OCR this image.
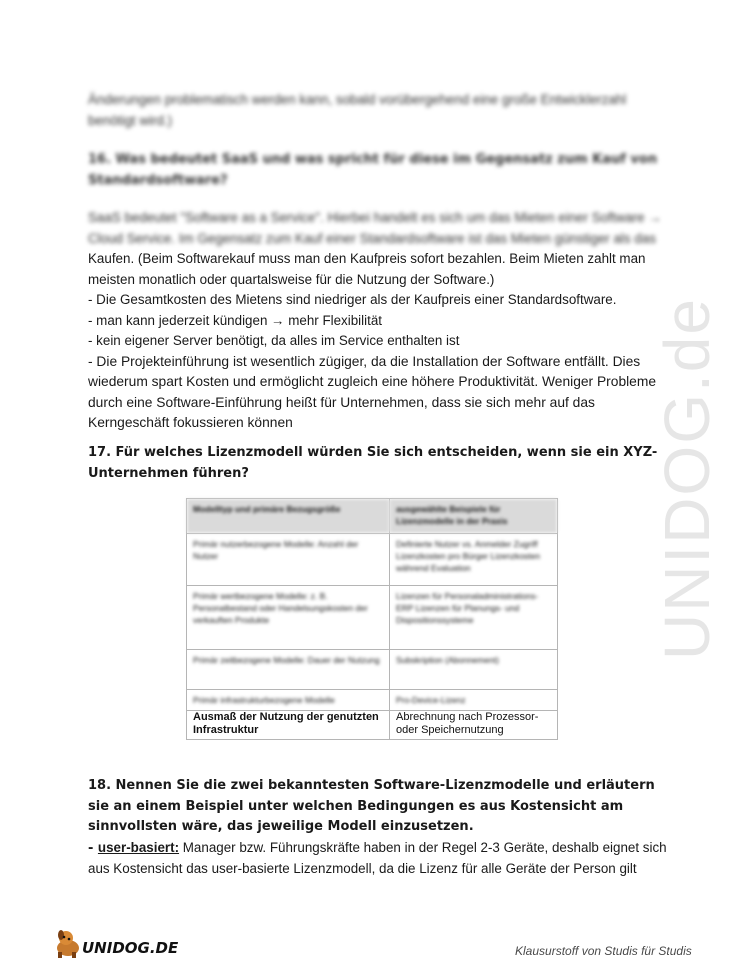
UNIDOG.de

Änderungen problematisch werden kann, sobald vorübergehend eine große Entwicklerzahl benötigt wird.)

16. Was bedeutet SaaS und was spricht für diese im Gegensatz zum Kauf von Standardsoftware?

SaaS bedeutet "Software as a Service". Hierbei handelt es sich um das Mieten einer Software → Cloud Service. Im Gegensatz zum Kauf einer Standardsoftware ist das Mieten günstiger als das

Kaufen. (Beim Softwarekauf muss man den Kaufpreis sofort bezahlen. Beim Mieten zahlt man

meisten monatlich oder quartalsweise für die Nutzung der Software.)

- Die Gesamtkosten des Mietens sind niedriger als der Kaufpreis einer Standardsoftware.

- man kann jederzeit kündigen → mehr Flexibilität

- kein eigener Server benötigt, da alles im Service enthalten ist

- Die Projekteinführung ist wesentlich zügiger, da die Installation der Software entfällt. Dies wiederum spart Kosten und ermöglicht zugleich eine höhere Produktivität. Weniger Probleme durch eine Software-Einführung heißt für Unternehmen, dass sie sich mehr auf das Kerngeschäft fokussieren können

17. Für welches Lizenzmodell würden Sie sich entscheiden, wenn sie ein XYZ-Unternehmen führen?

Modelltyp und primäre Bezugsgröße	ausgewählte Beispiele für Lizenzmodelle in der Praxis
Primär nutzerbezogene Modelle: Anzahl der Nutzer	Definierte Nutzer vs. Anmelder Zugriff Lizenzkosten pro Bürger Lizenzkosten während Evaluation
Primär wertbezogene Modelle: z. B. Personalbestand oder Handelsungskosten der verkauften Produkte	Lizenzen für Personaladministrations-ERP Lizenzen für Planungs- und Dispositionssysteme
Primär zeitbezogene Modelle: Dauer der Nutzung	Subskription (Abonnement)
Primär infrastrukturbezogene Modelle	Pro-Device-Lizenz
Ausmaß der Nutzung der genutzten Infrastruktur	Abrechnung nach Prozessor- oder Speichernutzung

18. Nennen Sie die zwei bekanntesten Software-Lizenzmodelle und erläutern sie an einem Beispiel unter welchen Bedingungen es aus Kostensicht am sinnvollsten wäre, das jeweilige Modell einzusetzen.

- user-basiert: Manager bzw. Führungskräfte haben in der Regel 2-3 Geräte, deshalb eignet sich

aus Kostensicht das user-basierte Lizenzmodell, da die Lizenz für alle Geräte der Person gilt

UNIDOG.DE	Klausurstoff von Studis für Studis
